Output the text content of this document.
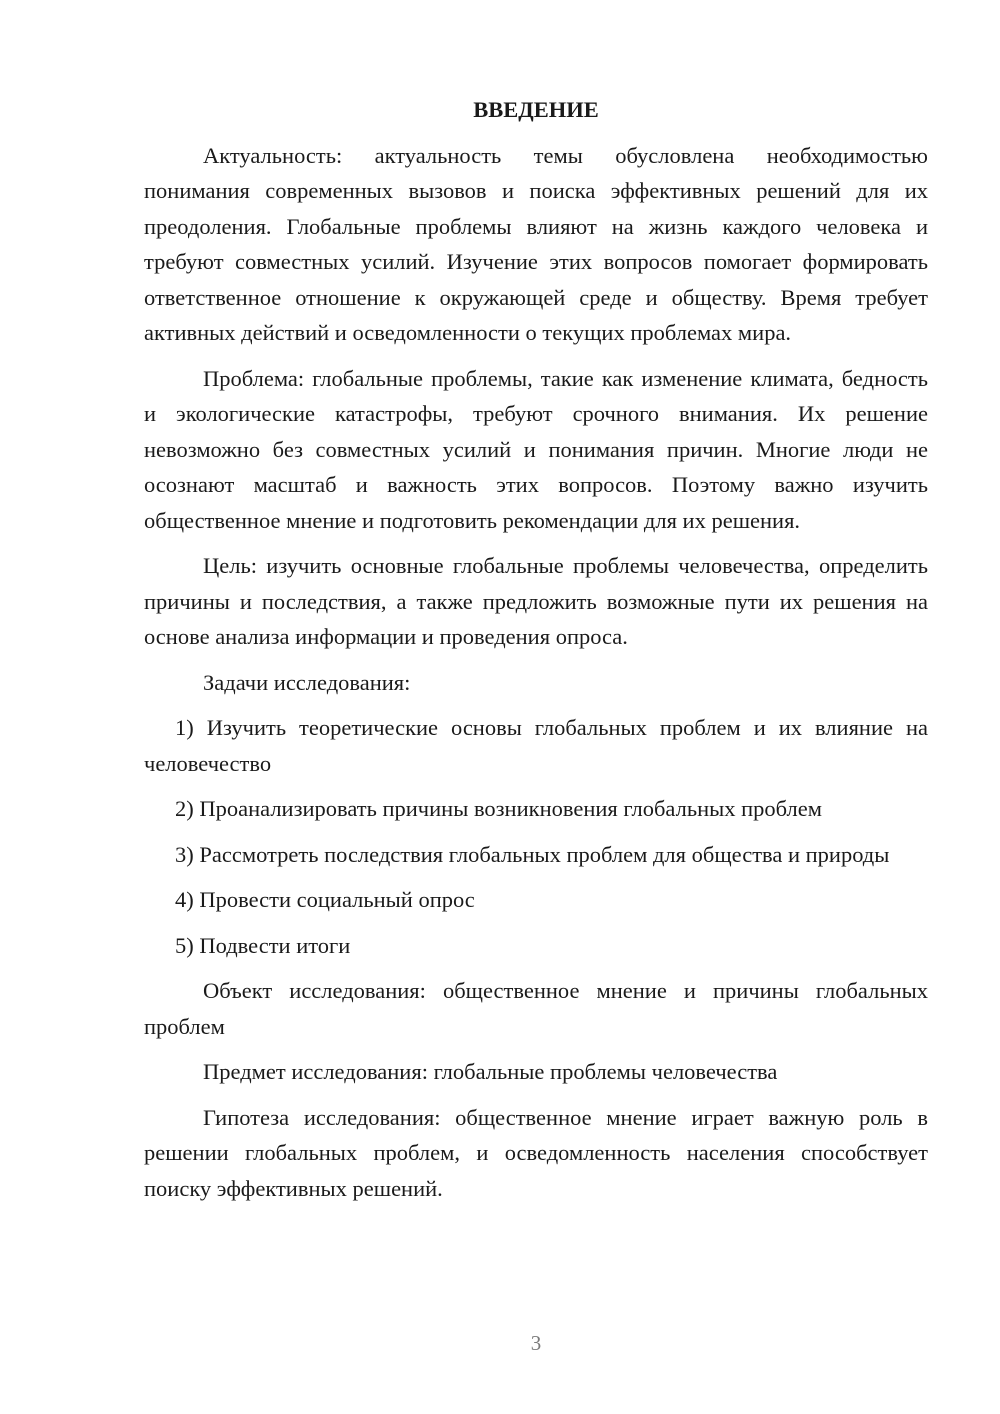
ВВЕДЕНИЕ

Актуальность: актуальность темы обусловлена необходимостью понимания современных вызовов и поиска эффективных решений для их преодоления. Глобальные проблемы влияют на жизнь каждого человека и требуют совместных усилий. Изучение этих вопросов помогает формировать ответственное отношение к окружающей среде и обществу. Время требует активных действий и осведомленности о текущих проблемах мира.

Проблема: глобальные проблемы, такие как изменение климата, бедность и экологические катастрофы, требуют срочного внимания. Их решение невозможно без совместных усилий и понимания причин. Многие люди не осознают масштаб и важность этих вопросов. Поэтому важно изучить общественное мнение и подготовить рекомендации для их решения.

Цель: изучить основные глобальные проблемы человечества, определить причины и последствия, а также предложить возможные пути их решения на основе анализа информации и проведения опроса.

Задачи исследования:

1) Изучить теоретические основы глобальных проблем и их влияние на человечество

2) Проанализировать причины возникновения глобальных проблем

3) Рассмотреть последствия глобальных проблем для общества и природы

4) Провести социальный опрос

5) Подвести итоги

Объект исследования: общественное мнение и причины глобальных проблем

Предмет исследования: глобальные проблемы человечества

Гипотеза исследования: общественное мнение играет важную роль в решении глобальных проблем, и осведомленность населения способствует поиску эффективных решений.

3
